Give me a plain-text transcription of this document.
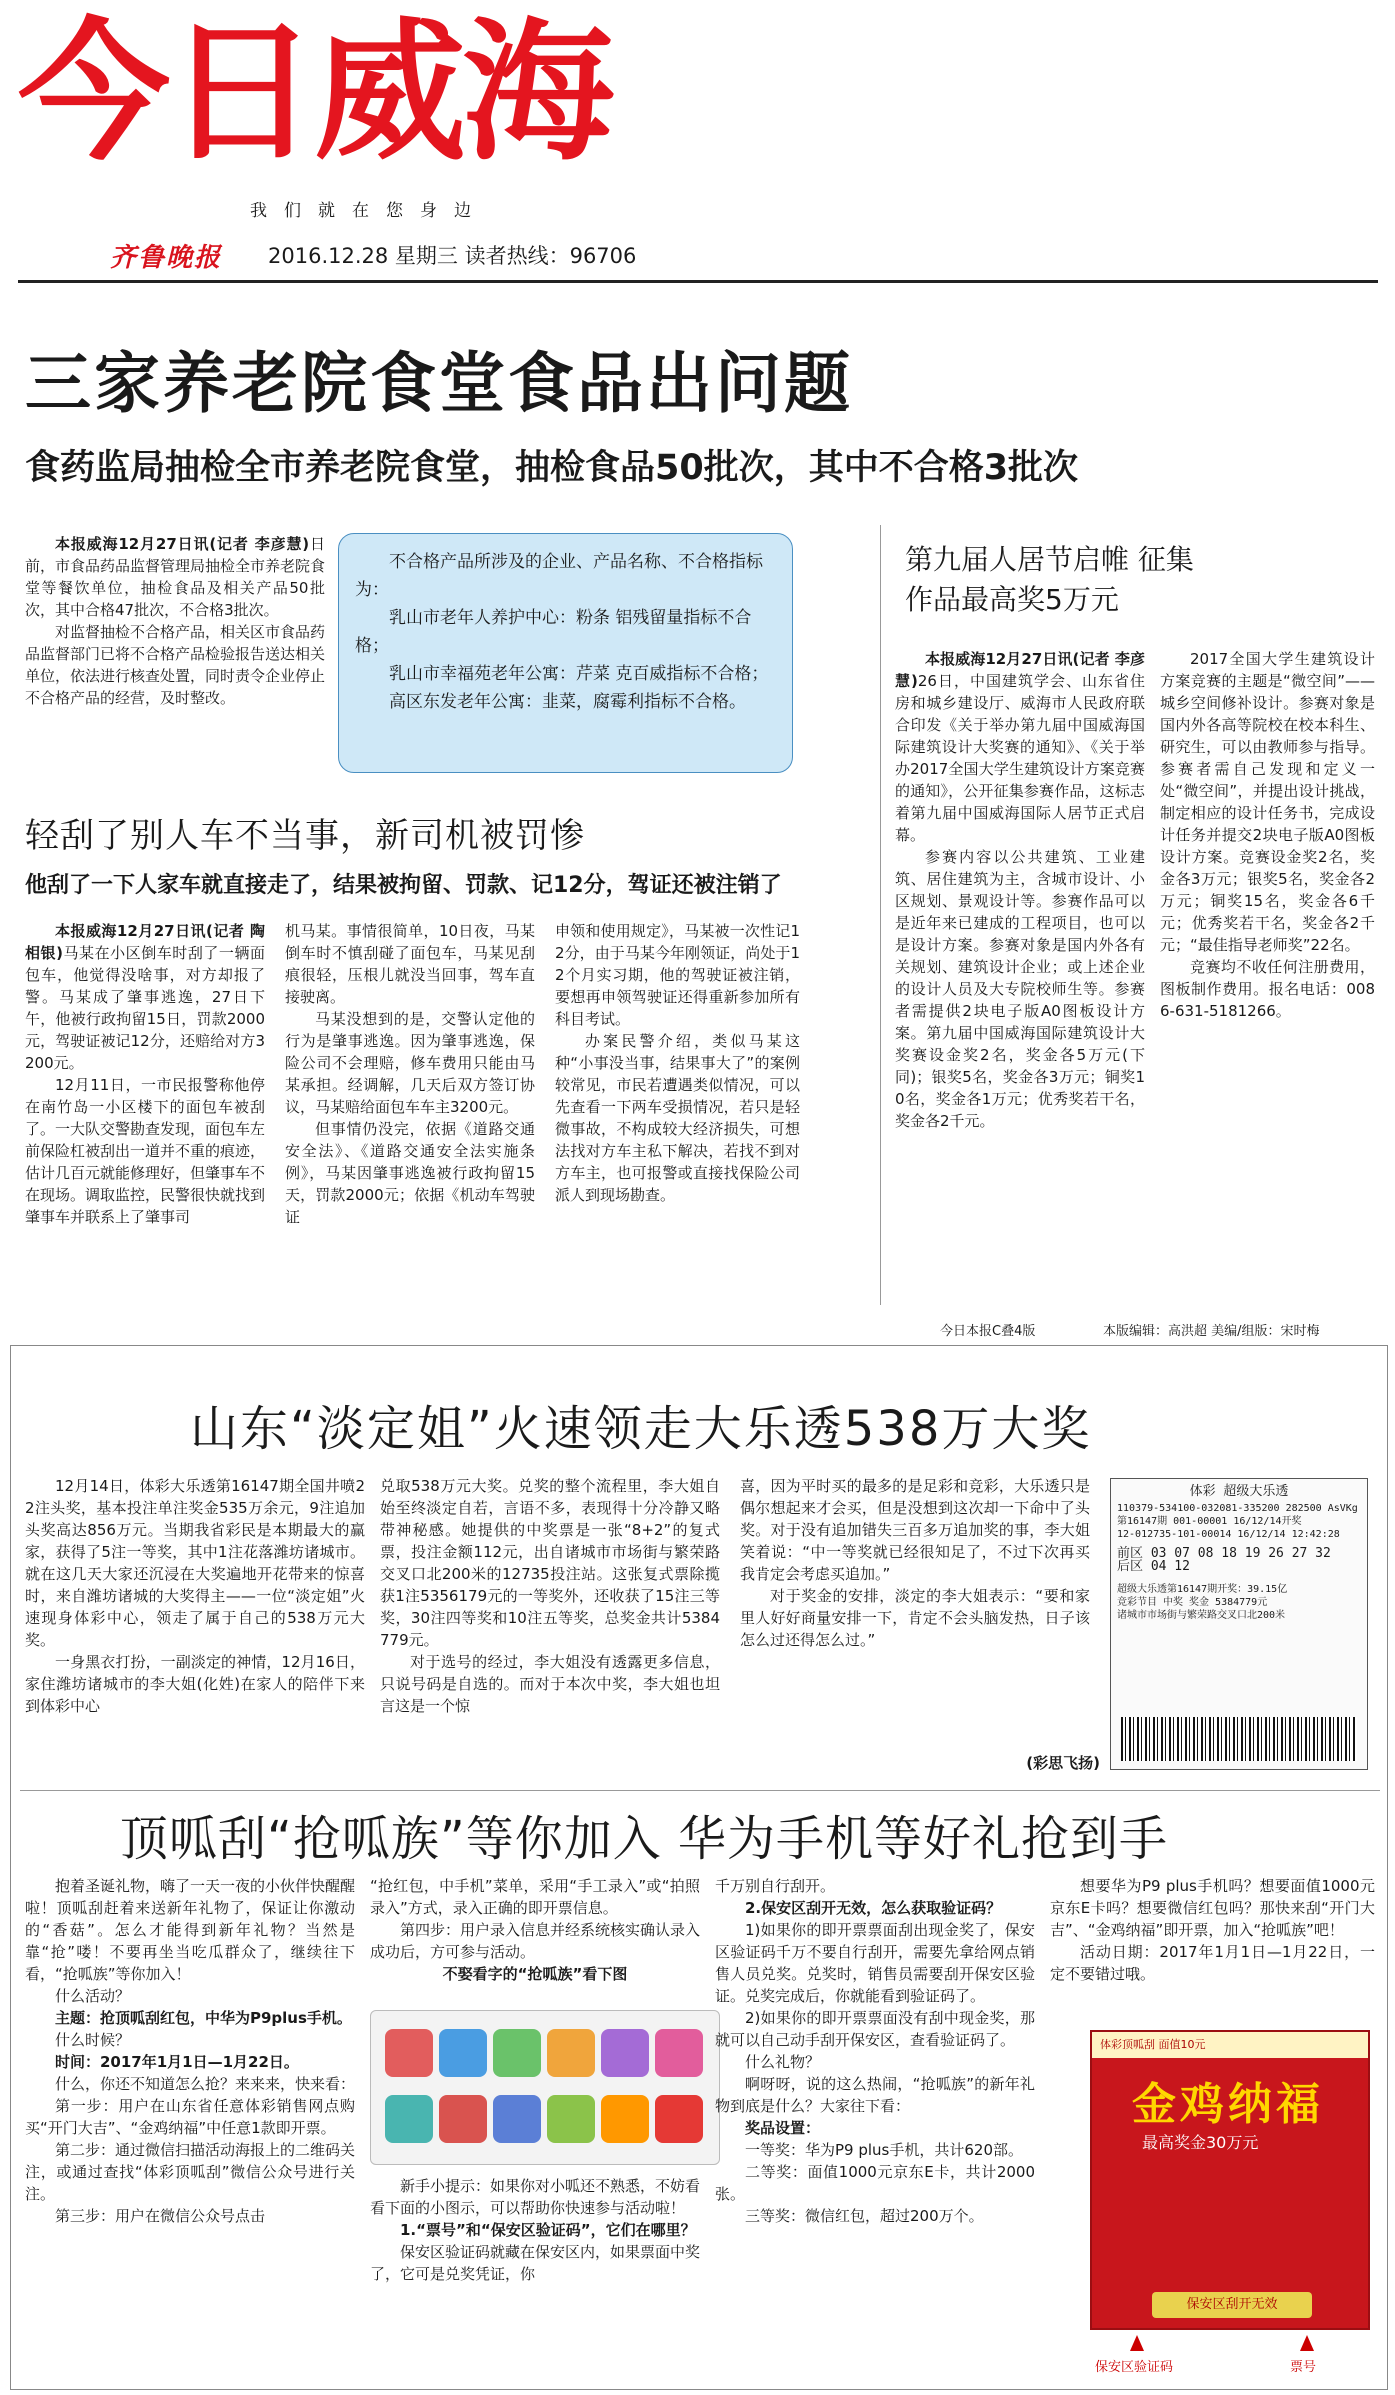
今日威海
我们就在您身边
齐鲁晚报 2016.12.28 星期三 读者热线：96706
三家养老院食堂食品出问题
食药监局抽检全市养老院食堂，抽检食品50批次，其中不合格3批次

本报威海12月27日讯(记者 李彦慧)日前，市食品药品监督管理局抽检全市养老院食堂等餐饮单位，抽检食品及相关产品50批次，其中合格47批次，不合格3批次。

对监督抽检不合格产品，相关区市食品药品监督部门已将不合格产品检验报告送达相关单位，依法进行核查处置，同时责令企业停止不合格产品的经营，及时整改。

不合格产品所涉及的企业、产品名称、不合格指标为：

乳山市老年人养护中心：粉条 铝残留量指标不合格；

乳山市幸福苑老年公寓：芹菜 克百威指标不合格；

高区东发老年公寓：韭菜，腐霉利指标不合格。

轻刮了别人车不当事，新司机被罚惨
他刮了一下人家车就直接走了，结果被拘留、罚款、记12分，驾证还被注销了

本报威海12月27日讯(记者 陶相银)马某在小区倒车时刮了一辆面包车，他觉得没啥事，对方却报了警。马某成了肇事逃逸，27日下午，他被行政拘留15日，罚款2000元，驾驶证被记12分，还赔给对方3200元。

12月11日，一市民报警称他停在南竹岛一小区楼下的面包车被刮了。一大队交警勘查发现，面包车左前保险杠被刮出一道并不重的痕迹，估计几百元就能修理好，但肇事车不在现场。调取监控，民警很快就找到肇事车并联系上了肇事司

机马某。事情很简单，10日夜，马某倒车时不慎刮碰了面包车，马某见刮痕很轻，压根儿就没当回事，驾车直接驶离。

马某没想到的是，交警认定他的行为是肇事逃逸。因为肇事逃逸，保险公司不会理赔，修车费用只能由马某承担。经调解，几天后双方签订协议，马某赔给面包车车主3200元。

但事情仍没完，依据《道路交通安全法》、《道路交通安全法实施条例》，马某因肇事逃逸被行政拘留15天，罚款2000元；依据《机动车驾驶证

申领和使用规定》，马某被一次性记12分，由于马某今年刚领证，尚处于12个月实习期，他的驾驶证被注销，要想再申领驾驶证还得重新参加所有科目考试。

办案民警介绍，类似马某这种“小事没当事，结果事大了”的案例较常见，市民若遭遇类似情况，可以先查看一下两车受损情况，若只是轻微事故，不构成较大经济损失，可想法找对方车主私下解决，若找不到对方车主，也可报警或直接找保险公司派人到现场勘查。

第九届人居节启帷 征集作品最高奖5万元

本报威海12月27日讯(记者 李彦慧)26日，中国建筑学会、山东省住房和城乡建设厅、威海市人民政府联合印发《关于举办第九届中国威海国际建筑设计大奖赛的通知》、《关于举办2017全国大学生建筑设计方案竞赛的通知》，公开征集参赛作品，这标志着第九届中国威海国际人居节正式启幕。

参赛内容以公共建筑、工业建筑、居住建筑为主，含城市设计、小区规划、景观设计等。参赛作品可以是近年来已建成的工程项目，也可以是设计方案。参赛对象是国内外各有关规划、建筑设计企业；或上述企业的设计人员及大专院校师生等。参赛者需提供2块电子版A0图板设计方案。第九届中国威海国际建筑设计大奖赛设金奖2名，奖金各5万元(下同)；银奖5名，奖金各3万元；铜奖10名，奖金各1万元；优秀奖若干名，奖金各2千元。

2017全国大学生建筑设计方案竞赛的主题是“微空间”——城乡空间修补设计。参赛对象是国内外各高等院校在校本科生、研究生，可以由教师参与指导。参赛者需自己发现和定义一处“微空间”，并提出设计挑战，制定相应的设计任务书，完成设计任务并提交2块电子版A0图板设计方案。竞赛设金奖2名，奖金各3万元；银奖5名，奖金各2万元；铜奖15名，奖金各6千元；优秀奖若干名，奖金各2千元；“最佳指导老师奖”22名。

竞赛均不收任何注册费用，图板制作费用。报名电话：0086-631-5181266。

今日本报C叠4版	本版编辑：高洪超 美编/组版：宋时梅
山东“淡定姐”火速领走大乐透538万大奖

12月14日，体彩大乐透第16147期全国井喷22注头奖，基本投注单注奖金535万余元，9注追加头奖高达856万元。当期我省彩民是本期最大的赢家，获得了5注一等奖，其中1注花落潍坊诸城市。就在这几天大家还沉浸在大奖遍地开花带来的惊喜时，来自潍坊诸城的大奖得主——一位“淡定姐”火速现身体彩中心，领走了属于自己的538万元大奖。

一身黑衣打扮，一副淡定的神情，12月16日，家住潍坊诸城市的李大姐(化姓)在家人的陪伴下来到体彩中心

兑取538万元大奖。兑奖的整个流程里，李大姐自始至终淡定自若，言语不多，表现得十分冷静又略带神秘感。她提供的中奖票是一张“8+2”的复式票，投注金额112元，出自诸城市市场街与繁荣路交叉口北200米的12735投注站。这张复式票除揽获1注5356179元的一等奖外，还收获了15注三等奖，30注四等奖和10注五等奖，总奖金共计5384779元。

对于选号的经过，李大姐没有透露更多信息，只说号码是自选的。而对于本次中奖，李大姐也坦言这是一个惊

喜，因为平时买的最多的是足彩和竞彩，大乐透只是偶尔想起来才会买，但是没想到这次却一下命中了头奖。对于没有追加错失三百多万追加奖的事，李大姐笑着说：“中一等奖就已经很知足了，不过下次再买我肯定会考虑买追加。”

对于奖金的安排，淡定的李大姐表示：“要和家里人好好商量安排一下，肯定不会头脑发热，日子该怎么过还得怎么过。”

(彩思飞扬)
体彩 超级大乐透
110379-534100-032081-335200 282500 AsVKg
第16147期 001-00001 16/12/14开奖
12-012735-101-00014 16/12/14 12:42:28
前区 03 07 08 18 19 26 27 32
后区 04 12
超级大乐透第16147期开奖：39.15亿
竞彩节目 中奖 奖金 5384779元
诸城市市场街与繁荣路交叉口北200米
顶呱刮“抢呱族”等你加入 华为手机等好礼抢到手

抱着圣诞礼物，嗨了一天一夜的小伙伴快醒醒啦！顶呱刮赶着来送新年礼物了，保证让你激动的“香菇”。怎么才能得到新年礼物？当然是靠“抢”喽！不要再坐当吃瓜群众了，继续往下看，“抢呱族”等你加入！

什么活动？

主题：抢顶呱刮红包，中华为P9plus手机。

什么时候？

时间：2017年1月1日—1月22日。

什么，你还不知道怎么抢？来来来，快来看：

第一步：用户在山东省任意体彩销售网点购买“开门大吉”、“金鸡纳福”中任意1款即开票。

第二步：通过微信扫描活动海报上的二维码关注，或通过查找“体彩顶呱刮”微信公众号进行关注。

第三步：用户在微信公众号点击

“抢红包，中手机”菜单，采用“手工录入”或“拍照录入”方式，录入正确的即开票信息。

第四步：用户录入信息并经系统核实确认录入成功后，方可参与活动。

不娶看字的“抢呱族”看下图

新手小提示：如果你对小呱还不熟悉，不妨看看下面的小图示，可以帮助你快速参与活动啦！

1.“票号”和“保安区验证码”，它们在哪里？

保安区验证码就藏在保安区内，如果票面中奖了，它可是兑奖凭证，你

千万别自行刮开。

2.保安区刮开无效，怎么获取验证码？

1)如果你的即开票票面刮出现金奖了，保安区验证码千万不要自行刮开，需要先拿给网点销售人员兑奖。兑奖时，销售员需要刮开保安区验证。兑奖完成后，你就能看到验证码了。

2)如果你的即开票票面没有刮中现金奖，那就可以自己动手刮开保安区，查看验证码了。

什么礼物？

啊呀呀，说的这么热闹，“抢呱族”的新年礼物到底是什么？大家往下看：

奖品设置：

一等奖：华为P9 plus手机，共计620部。

二等奖：面值1000元京东E卡，共计2000张。

三等奖：微信红包，超过200万个。

想要华为P9 plus手机吗？想要面值1000元京东E卡吗？想要微信红包吗？那快来刮“开门大吉”、“金鸡纳福”即开票，加入“抢呱族”吧！

活动日期：2017年1月1日—1月22日，一定不要错过哦。

体彩顶呱刮 面值10元
金鸡纳福
最高奖金30万元
保安区刮开无效
保安区验证码	票号
